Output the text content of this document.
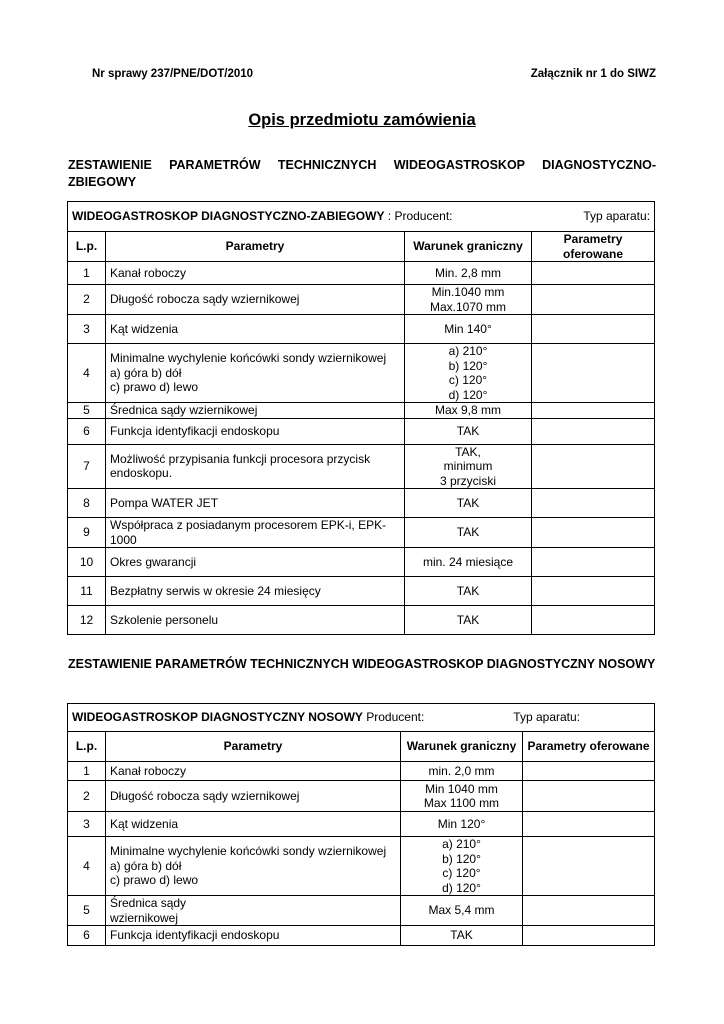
Nr sprawy 237/PNE/DOT/2010	Załącznik nr 1 do SIWZ
Opis przedmiotu zamówienia
ZESTAWIENIE PARAMETRÓW TECHNICZNYCH WIDEOGASTROSKOP DIAGNOSTYCZNO-ZBIEGOWY
WIDEOGASTROSKOP DIAGNOSTYCZNO-ZABIEGOWY : Producent: Typ aparatu:			

L.p.	Parametry	Warunek graniczny	Parametry oferowane
1	Kanał roboczy	Min. 2,8 mm	
2	Długość robocza sądy wziernikowej	Min.1040 mm
Max.1070 mm	
3	Kąt widzenia	Min 140°	
4	Minimalne wychylenie końcówki sondy wziernikowej
a) góra b) dół
c) prawo d) lewo	a) 210°
b) 120°
c) 120°
d) 120°	
5	Średnica sądy wziernikowej	Max 9,8 mm	
6	Funkcja identyfikacji endoskopu	TAK	
7	Możliwość przypisania funkcji procesora przycisk endoskopu.	TAK,
minimum
3 przyciski	
8	Pompa WATER JET	TAK	
9	Współpraca z posiadanym procesorem EPK-i, EPK-1000	TAK	
10	Okres gwarancji	min. 24 miesiące	
11	Bezpłatny serwis w okresie 24 miesięcy	TAK	
12	Szkolenie personelu	TAK	
ZESTAWIENIE PARAMETRÓW TECHNICZNYCH WIDEOGASTROSKOP DIAGNOSTYCZNY NOSOWY
WIDEOGASTROSKOP DIAGNOSTYCZNY NOSOWY Producent: Typ aparatu:			

L.p.	Parametry	Warunek graniczny	Parametry oferowane
1	Kanał roboczy	min. 2,0 mm	
2	Długość robocza sądy wziernikowej	Min 1040 mm
Max 1100 mm	
3	Kąt widzenia	Min 120°	
4	Minimalne wychylenie końcówki sondy wziernikowej
a) góra b) dół
c) prawo d) lewo	a) 210°
b) 120°
c) 120°
d) 120°	
5	Średnica sądy
wziernikowej	Max 5,4 mm	
6	Funkcja identyfikacji endoskopu	TAK	
